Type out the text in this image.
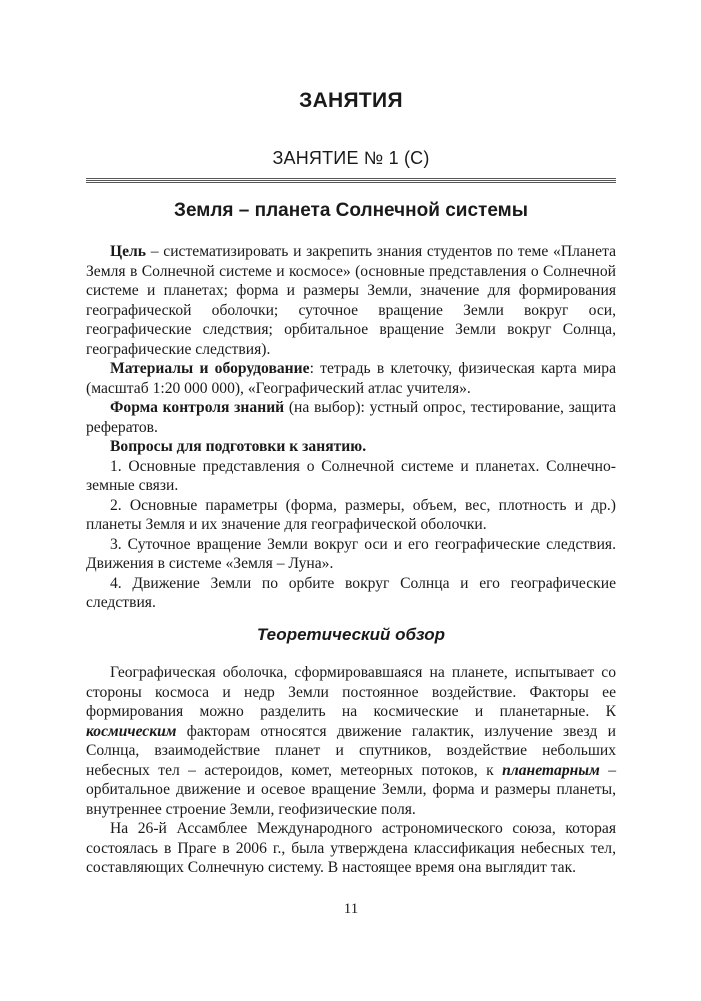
ЗАНЯТИЯ
ЗАНЯТИЕ № 1 (С)
Земля – планета Солнечной системы

Цель – систематизировать и закрепить знания студентов по теме «Планета Земля в Солнечной системе и космосе» (основные представления о Солнечной системе и планетах; форма и размеры Земли, значение для формирования географической оболочки; суточное вращение Земли вокруг оси, географические следствия; орбитальное вращение Земли вокруг Солнца, географические следствия).

Материалы и оборудование: тетрадь в клеточку, физическая карта мира (масштаб 1:20 000 000), «Географический атлас учителя».

Форма контроля знаний (на выбор): устный опрос, тестирование, защита рефератов.

Вопросы для подготовки к занятию.

1. Основные представления о Солнечной системе и планетах. Солнечно-земные связи.

2. Основные параметры (форма, размеры, объем, вес, плотность и др.) планеты Земля и их значение для географической оболочки.

3. Суточное вращение Земли вокруг оси и его географические следствия. Движения в системе «Земля – Луна».

4. Движение Земли по орбите вокруг Солнца и его географические следствия.

Теоретический обзор

Географическая оболочка, сформировавшаяся на планете, испытывает со стороны космоса и недр Земли постоянное воздействие. Факторы ее формирования можно разделить на космические и планетарные. К космическим факторам относятся движение галактик, излучение звезд и Солнца, взаимодействие планет и спутников, воздействие небольших небесных тел – астероидов, комет, метеорных потоков, к планетарным – орбитальное движение и осевое вращение Земли, форма и размеры планеты, внутреннее строение Земли, геофизические поля.

На 26-й Ассамблее Международного астрономического союза, которая состоялась в Праге в 2006 г., была утверждена классификация небесных тел, составляющих Солнечную систему. В настоящее время она выглядит так.

11
